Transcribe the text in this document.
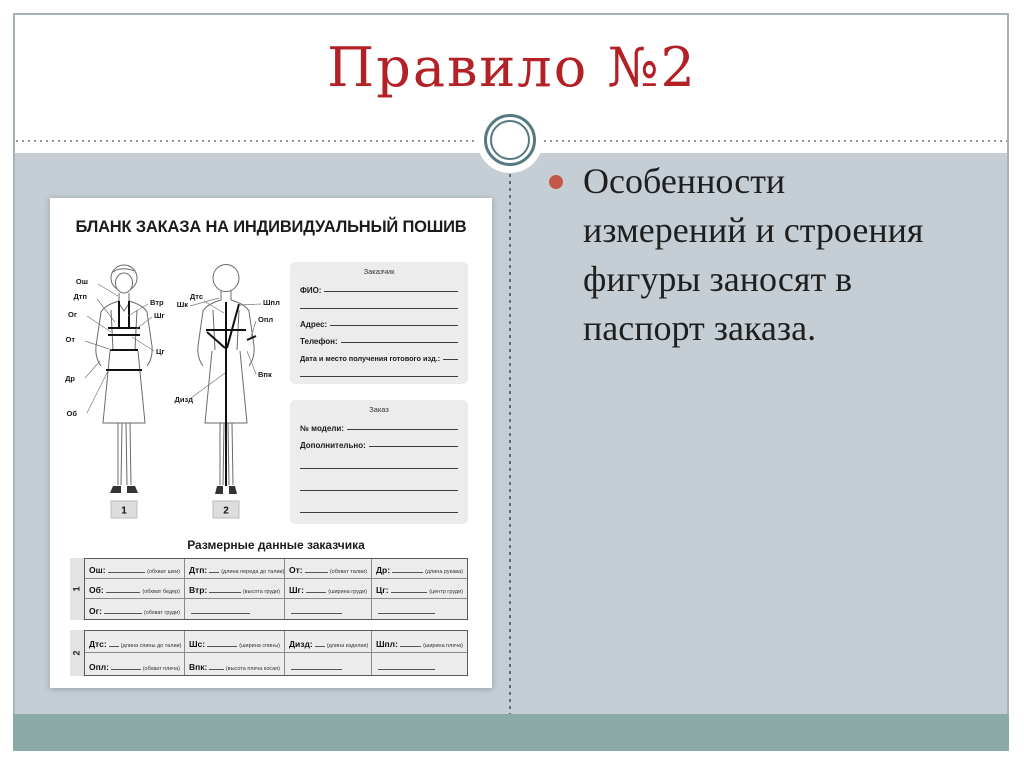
Правило №2
Особенности
измерений и строения
фигуры заносят в
паспорт заказа.
БЛАНК ЗАКАЗА НА ИНДИВИДУАЛЬНЫЙ ПОШИВ
Ош
Дтп
Ог
От
Др
Об
Втр
Шг
Цг
Шк
Дтс
Шпл
Опл
Впк
Дизд
1	2
Заказчик
ФИО:
Адрес:
Телефон:
Дата и место получения готового изд.:
Заказ
№ модели:
Дополнительно:
Размерные данные заказчика
1
Ош:	(обхват шеи) Дтп:	(длина переда до талии) От:	(обхват талии) Др:	(длина рукава)
Об:	(обхват бедер) Втр:	(высота груди) Шг:	(ширина груди) Цг:	(центр груди)
Ог:	(обхват груди)
2
Дтс:	(длина спины до талии) Шс:	(ширина спины) Дизд:	(длина изделия) Шпл:	(ширина плеча)
Опл:	(обхват плеча) Впк:	(высота плеча косая)
